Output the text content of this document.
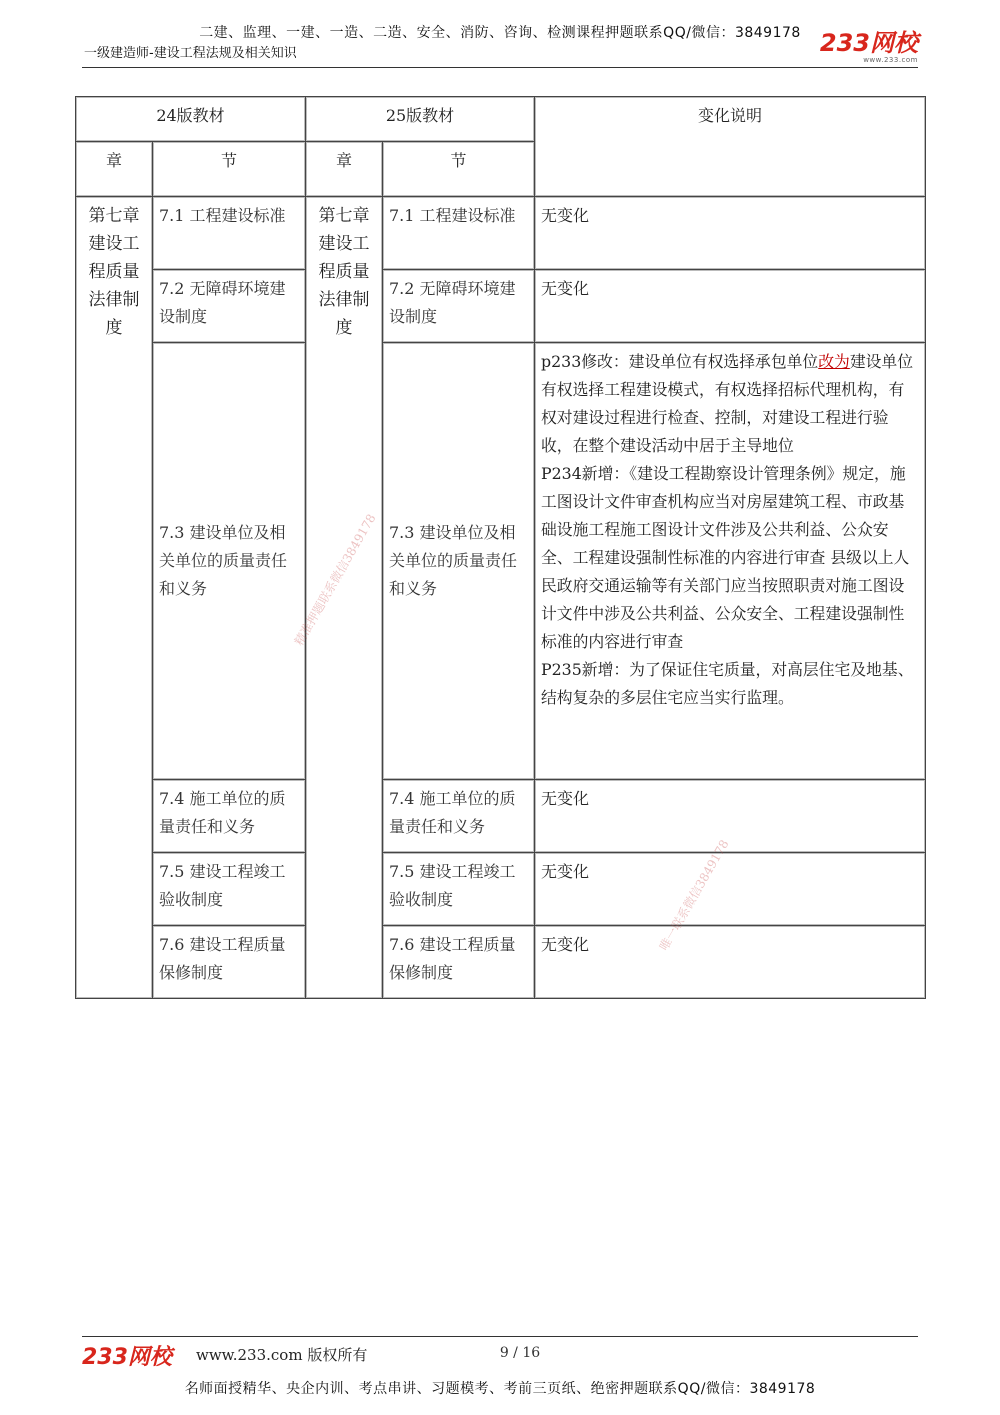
二建、监理、一建、一造、二造、安全、消防、咨询、检测课程押题联系QQ/微信：3849178
一级建造师-建设工程法规及相关知识	233网校
www.233.com
24版教材		25版教材		变化说明
章	节	章	节	
第七章建设工程质量法律制度	7.1 工程建设标准	第七章建设工程质量法律制度	7.1 工程建设标准	无变化
	7.2 无障碍环境建设制度		7.2 无障碍环境建设制度	无变化
	7.3 建设单位及相关单位的质量责任和义务		7.3 建设单位及相关单位的质量责任和义务	p233修改：建设单位有权选择承包单位改为建设单位有权选择工程建设模式，有权选择招标代理机构，有权对建设过程进行检查、控制，对建设工程进行验收，在整个建设活动中居于主导地位
P234新增：《建设工程勘察设计管理条例》规定，施工图设计文件审查机构应当对房屋建筑工程、市政基础设施工程施工图设计文件涉及公共利益、公众安全、工程建设强制性标准的内容进行审查 县级以上人民政府交通运输等有关部门应当按照职责对施工图设计文件中涉及公共利益、公众安全、工程建设强制性标准的内容进行审查
P235新增：为了保证住宅质量，对高层住宅及地基、结构复杂的多层住宅应当实行监理。

	7.4 施工单位的质量责任和义务		7.4 施工单位的质量责任和义务	无变化
	7.5 建设工程竣工验收制度		7.5 建设工程竣工验收制度	无变化
	7.6 建设工程质量保修制度		7.6 建设工程质量保修制度	无变化
精准押题联系微信3849178
唯一联系微信3849178
233网校 www.233.com 版权所有	9 / 16
名师面授精华、央企内训、考点串讲、习题模考、考前三页纸、绝密押题联系QQ/微信：3849178
